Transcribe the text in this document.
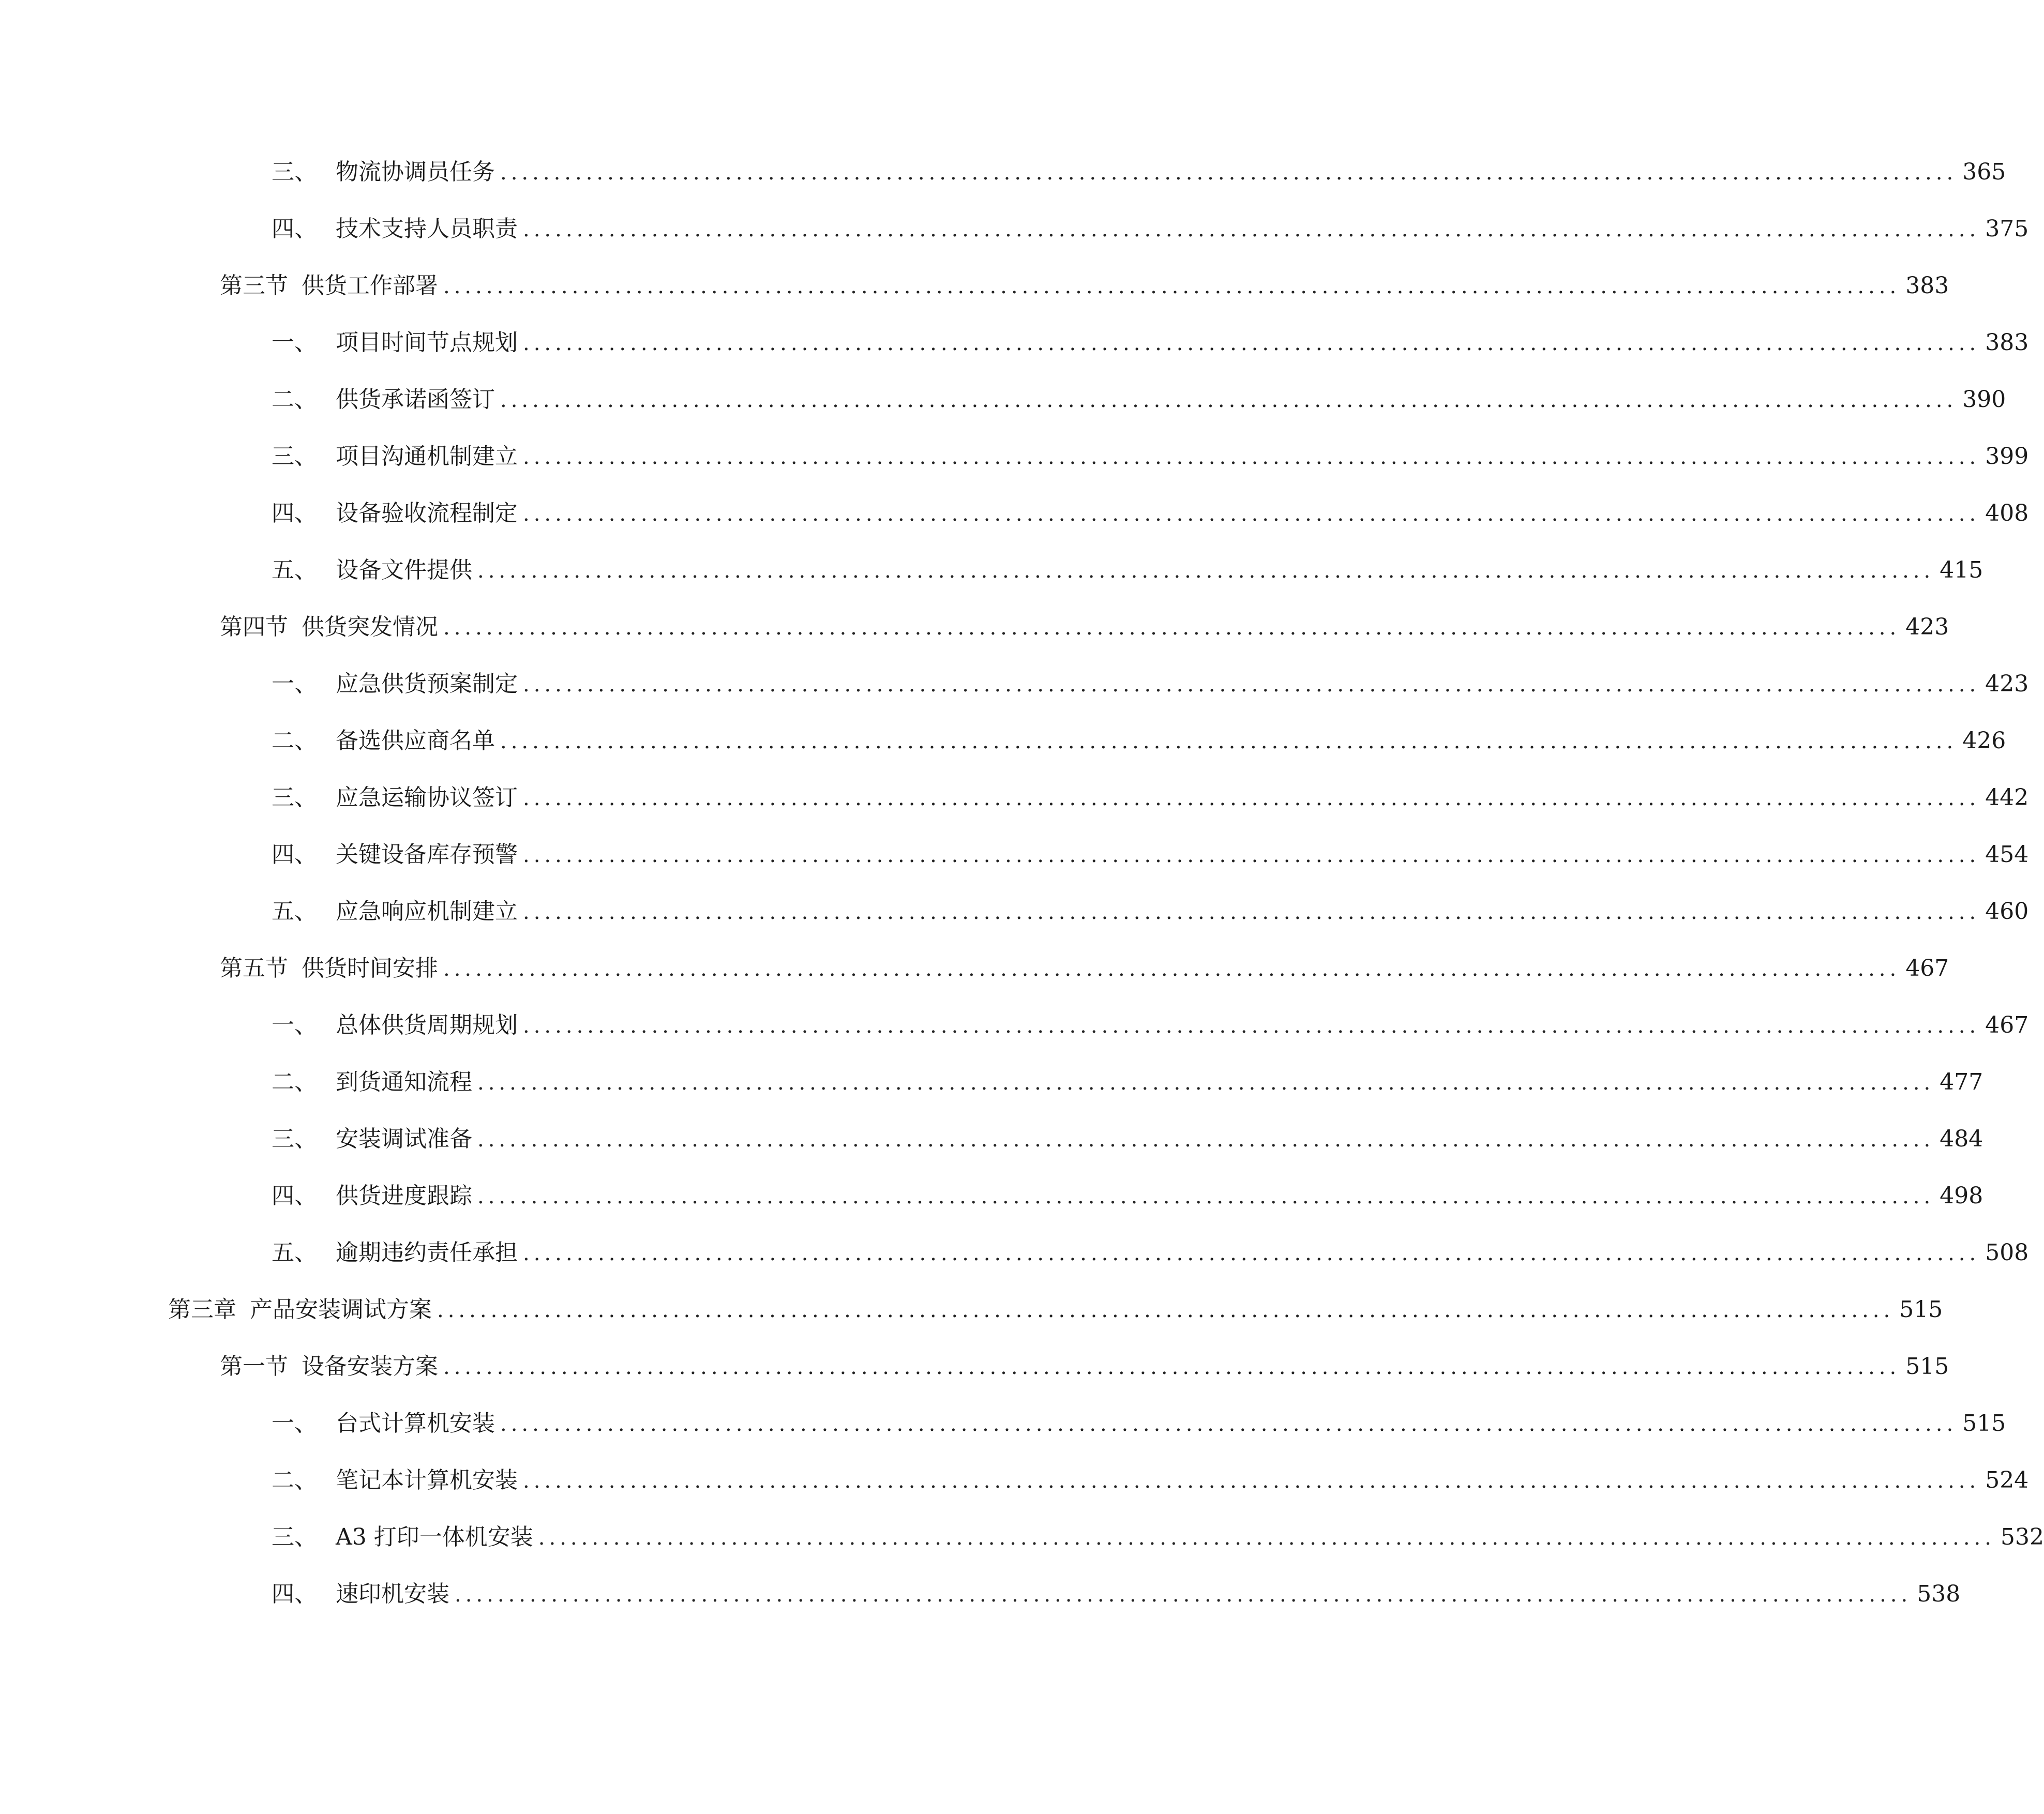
三、 物流协调员任务 ........................................................................................................................................ 365
四、 技术支持人员职责 ........................................................................................................................................ 375
第三节 供货工作部署 ........................................................................................................................................ 383
一、 项目时间节点规划 ........................................................................................................................................ 383
二、 供货承诺函签订 ........................................................................................................................................ 390
三、 项目沟通机制建立 ........................................................................................................................................ 399
四、 设备验收流程制定 ........................................................................................................................................ 408
五、 设备文件提供 ........................................................................................................................................ 415
第四节 供货突发情况 ........................................................................................................................................ 423
一、 应急供货预案制定 ........................................................................................................................................ 423
二、 备选供应商名单 ........................................................................................................................................ 426
三、 应急运输协议签订 ........................................................................................................................................ 442
四、 关键设备库存预警 ........................................................................................................................................ 454
五、 应急响应机制建立 ........................................................................................................................................ 460
第五节 供货时间安排 ........................................................................................................................................ 467
一、 总体供货周期规划 ........................................................................................................................................ 467
二、 到货通知流程 ........................................................................................................................................ 477
三、 安装调试准备 ........................................................................................................................................ 484
四、 供货进度跟踪 ........................................................................................................................................ 498
五、 逾期违约责任承担 ........................................................................................................................................ 508
第三章 产品安装调试方案 ........................................................................................................................................ 515
第一节 设备安装方案 ........................................................................................................................................ 515
一、 台式计算机安装 ........................................................................................................................................ 515
二、 笔记本计算机安装 ........................................................................................................................................ 524
三、 A3 打印一体机安装 ........................................................................................................................................ 532
四、 速印机安装 ........................................................................................................................................ 538
